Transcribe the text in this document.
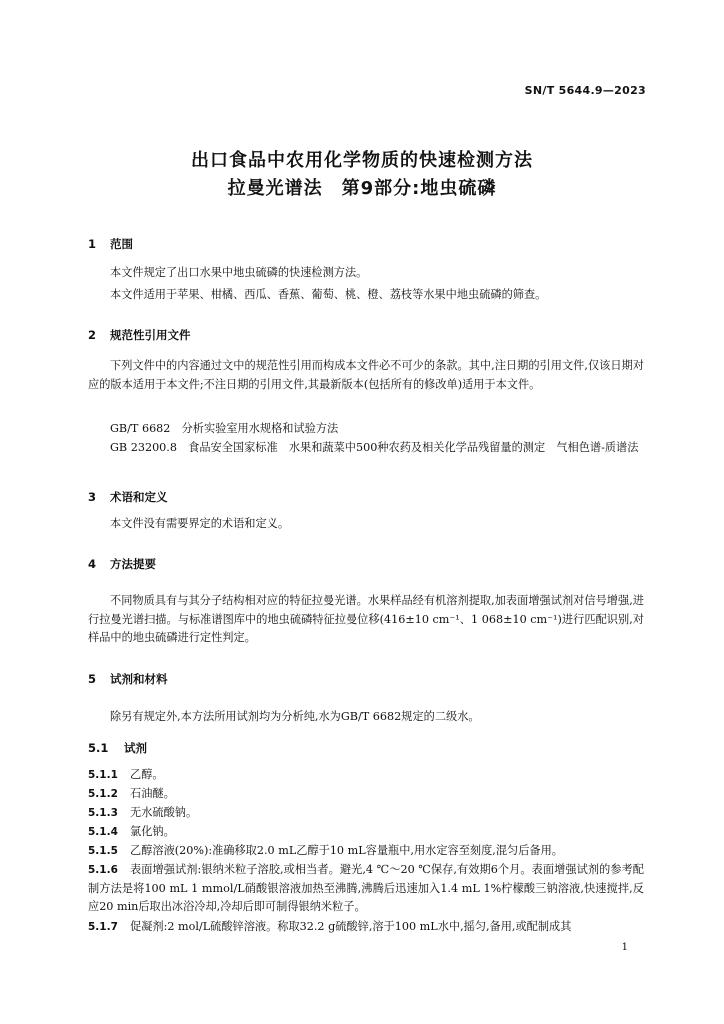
SN/T 5644.9—2023
出口食品中农用化学物质的快速检测方法
拉曼光谱法　第9部分:地虫硫磷
1 范围
本文件规定了出口水果中地虫硫磷的快速检测方法。
本文件适用于苹果、柑橘、西瓜、香蕉、葡萄、桃、橙、荔枝等水果中地虫硫磷的筛查。
2 规范性引用文件
下列文件中的内容通过文中的规范性引用而构成本文件必不可少的条款。其中,注日期的引用文件,仅该日期对应的版本适用于本文件;不注日期的引用文件,其最新版本(包括所有的修改单)适用于本文件。
GB/T 6682　分析实验室用水规格和试验方法
GB 23200.8　食品安全国家标准　水果和蔬菜中500种农药及相关化学品残留量的测定　气相色谱-质谱法
3 术语和定义
本文件没有需要界定的术语和定义。
4 方法提要
不同物质具有与其分子结构相对应的特征拉曼光谱。水果样品经有机溶剂提取,加表面增强试剂对信号增强,进行拉曼光谱扫描。与标准谱图库中的地虫硫磷特征拉曼位移(416±10 cm⁻¹、1 068±10 cm⁻¹)进行匹配识别,对样品中的地虫硫磷进行定性判定。
5 试剂和材料
除另有规定外,本方法所用试剂均为分析纯,水为GB/T 6682规定的二级水。
5.1 试剂
5.1.1 乙醇。
5.1.2 石油醚。
5.1.3 无水硫酸钠。
5.1.4 氯化钠。
5.1.5 乙醇溶液(20%):准确移取2.0 mL乙醇于10 mL容量瓶中,用水定容至刻度,混匀后备用。
5.1.6 表面增强试剂:银纳米粒子溶胶,或相当者。避光,4 ℃～20 ℃保存,有效期6个月。表面增强试剂的参考配制方法是将100 mL 1 mmol/L硝酸银溶液加热至沸腾,沸腾后迅速加入1.4 mL 1%柠檬酸三钠溶液,快速搅拌,反应20 min后取出冰浴冷却,冷却后即可制得银纳米粒子。
5.1.7 促凝剂:2 mol/L硫酸锌溶液。称取32.2 g硫酸锌,溶于100 mL水中,摇匀,备用,或配制成其
1
